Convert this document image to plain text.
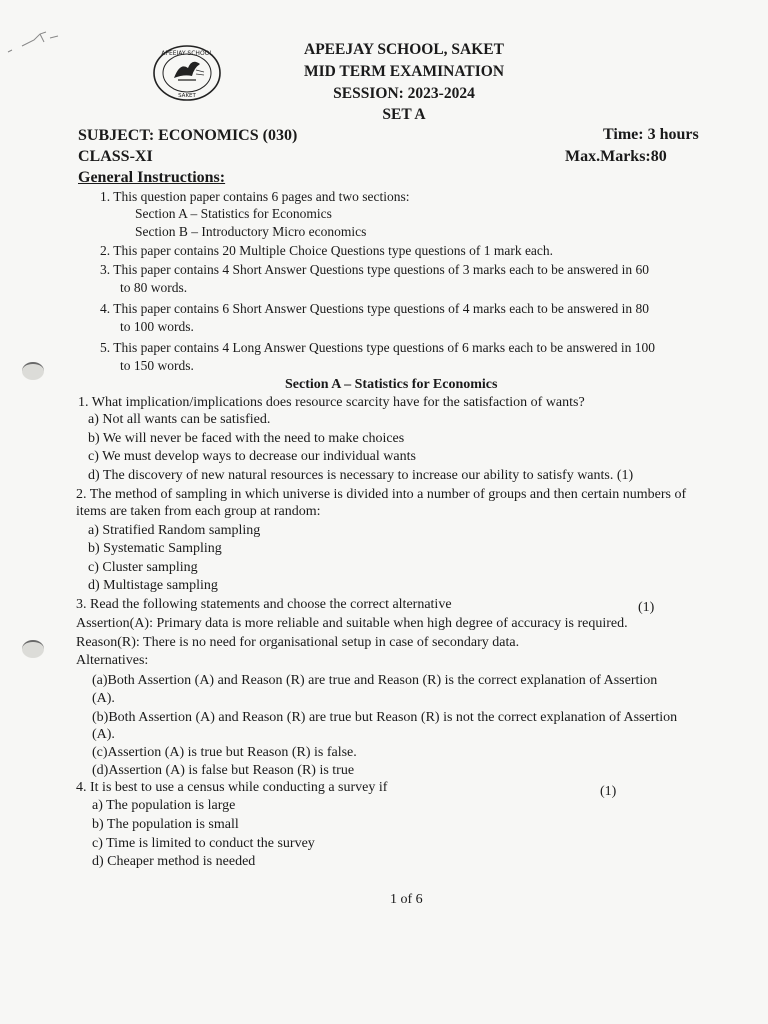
APEEJAY SCHOOL
SAKET
APEEJAY SCHOOL, SAKET
MID TERM EXAMINATION
SESSION: 2023-2024
SET A
SUBJECT: ECONOMICS (030)	Time: 3 hours
CLASS-XI	Max.Marks:80
General Instructions:
1. This question paper contains 6 pages and two sections:
Section A – Statistics for Economics
Section B – Introductory Micro economics
2. This paper contains 20 Multiple Choice Questions type questions of 1 mark each.
3. This paper contains 4 Short Answer Questions type questions of 3 marks each to be answered in 60
to 80 words.
4. This paper contains 6 Short Answer Questions type questions of 4 marks each to be answered in 80
to 100 words.
5. This paper contains 4 Long Answer Questions type questions of 6 marks each to be answered in 100
to 150 words.
Section A – Statistics for Economics
1. What implication/implications does resource scarcity have for the satisfaction of wants?
a) Not all wants can be satisfied.
b) We will never be faced with the need to make choices
c) We must develop ways to decrease our individual wants
d) The discovery of new natural resources is necessary to increase our ability to satisfy wants. (1)
2. The method of sampling in which universe is divided into a number of groups and then certain numbers of
items are taken from each group at random:
a) Stratified Random sampling
b) Systematic Sampling
c) Cluster sampling
d) Multistage sampling
3. Read the following statements and choose the correct alternative	(1)
Assertion(A): Primary data is more reliable and suitable when high degree of accuracy is required.
Reason(R): There is no need for organisational setup in case of secondary data.
Alternatives:
(a)Both Assertion (A) and Reason (R) are true and Reason (R) is the correct explanation of Assertion
(A).
(b)Both Assertion (A) and Reason (R) are true but Reason (R) is not the correct explanation of Assertion
(A).
(c)Assertion (A) is true but Reason (R) is false.
(d)Assertion (A) is false but Reason (R) is true
4. It is best to use a census while conducting a survey if	(1)
a) The population is large
b) The population is small
c) Time is limited to conduct the survey
d) Cheaper method is needed
1 of 6
